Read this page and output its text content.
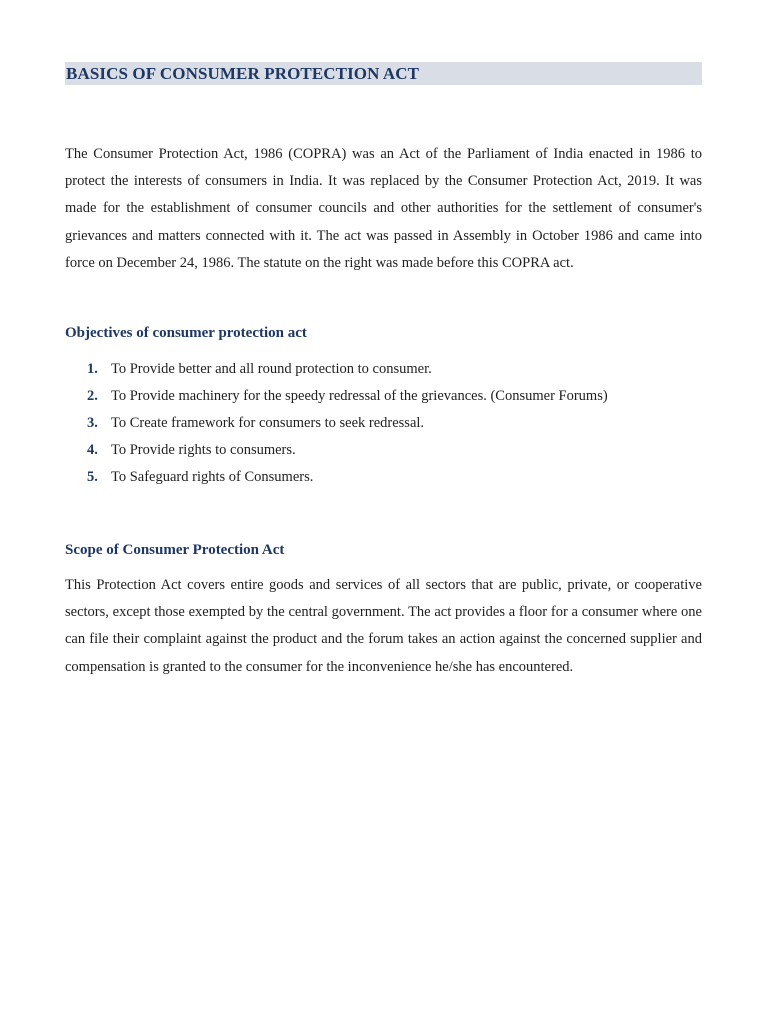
BASICS OF CONSUMER PROTECTION ACT

The Consumer Protection Act, 1986 (COPRA) was an Act of the Parliament of India enacted in 1986 to protect the interests of consumers in India. It was replaced by the Consumer Protection Act, 2019. It was made for the establishment of consumer councils and other authorities for the settlement of consumer's grievances and matters connected with it. The act was passed in Assembly in October 1986 and came into force on December 24, 1986. The statute on the right was made before this COPRA act.

Objectives of consumer protection act
1. To Provide better and all round protection to consumer.
2. To Provide machinery for the speedy redressal of the grievances. (Consumer Forums)
3. To Create framework for consumers to seek redressal.
4. To Provide rights to consumers.
5. To Safeguard rights of Consumers.
Scope of Consumer Protection Act

This Protection Act covers entire goods and services of all sectors that are public, private, or cooperative sectors, except those exempted by the central government. The act provides a floor for a consumer where one can file their complaint against the product and the forum takes an action against the concerned supplier and compensation is granted to the consumer for the inconvenience he/she has encountered.
